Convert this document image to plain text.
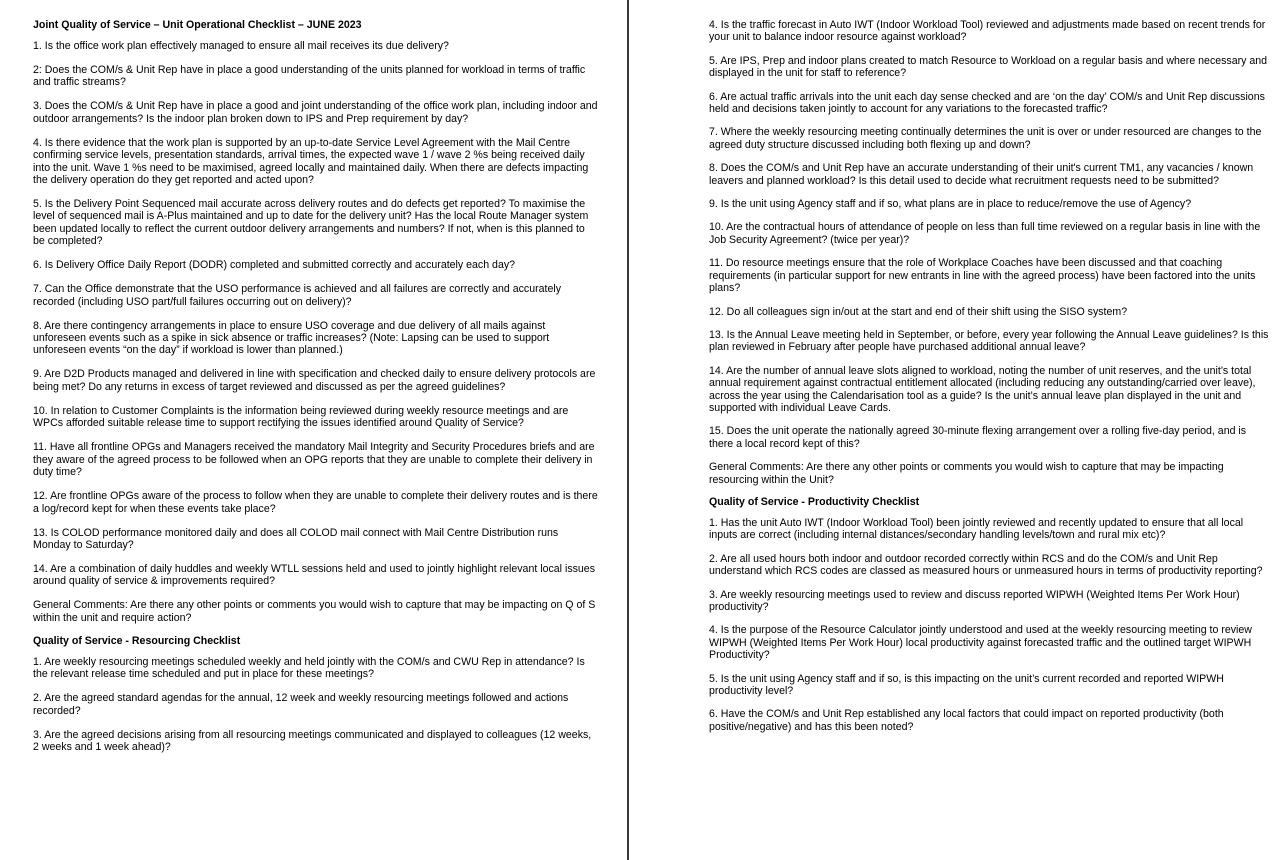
Joint Quality of Service – Unit Operational Checklist – JUNE 2023

1. Is the office work plan effectively managed to ensure all mail receives its due delivery?

2: Does the COM/s & Unit Rep have in place a good understanding of the units planned for workload in terms of traffic and traffic streams?

3. Does the COM/s & Unit Rep have in place a good and joint understanding of the office work plan, including indoor and outdoor arrangements? Is the indoor plan broken down to IPS and Prep requirement by day?

4. Is there evidence that the work plan is supported by an up-to-date Service Level Agreement with the Mail Centre confirming service levels, presentation standards, arrival times, the expected wave 1 / wave 2 %s being received daily into the unit. Wave 1 %s need to be maximised, agreed locally and maintained daily. When there are defects impacting the delivery operation do they get reported and acted upon?

5. Is the Delivery Point Sequenced mail accurate across delivery routes and do defects get reported? To maximise the level of sequenced mail is A-Plus maintained and up to date for the delivery unit? Has the local Route Manager system been updated locally to reflect the current outdoor delivery arrangements and numbers? If not, when is this planned to be completed?

6. Is Delivery Office Daily Report (DODR) completed and submitted correctly and accurately each day?

7. Can the Office demonstrate that the USO performance is achieved and all failures are correctly and accurately recorded (including USO part/full failures occurring out on delivery)?

8. Are there contingency arrangements in place to ensure USO coverage and due delivery of all mails against unforeseen events such as a spike in sick absence or traffic increases? (Note: Lapsing can be used to support unforeseen events “on the day” if workload is lower than planned.)

9. Are D2D Products managed and delivered in line with specification and checked daily to ensure delivery protocols are being met? Do any returns in excess of target reviewed and discussed as per the agreed guidelines?

10. In relation to Customer Complaints is the information being reviewed during weekly resource meetings and are WPCs afforded suitable release time to support rectifying the issues identified around Quality of Service?

11. Have all frontline OPGs and Managers received the mandatory Mail Integrity and Security Procedures briefs and are they aware of the agreed process to be followed when an OPG reports that they are unable to complete their delivery in duty time?

12. Are frontline OPGs aware of the process to follow when they are unable to complete their delivery routes and is there a log/record kept for when these events take place?

13. Is COLOD performance monitored daily and does all COLOD mail connect with Mail Centre Distribution runs Monday to Saturday?

14. Are a combination of daily huddles and weekly WTLL sessions held and used to jointly highlight relevant local issues around quality of service & improvements required?

General Comments: Are there any other points or comments you would wish to capture that may be impacting on Q of S within the unit and require action?

Quality of Service - Resourcing Checklist

1. Are weekly resourcing meetings scheduled weekly and held jointly with the COM/s and CWU Rep in attendance? Is the relevant release time scheduled and put in place for these meetings?

2. Are the agreed standard agendas for the annual, 12 week and weekly resourcing meetings followed and actions recorded?

3. Are the agreed decisions arising from all resourcing meetings communicated and displayed to colleagues (12 weeks, 2 weeks and 1 week ahead)?

4. Is the traffic forecast in Auto IWT (Indoor Workload Tool) reviewed and adjustments made based on recent trends for your unit to balance indoor resource against workload?

5. Are IPS, Prep and indoor plans created to match Resource to Workload on a regular basis and where necessary and displayed in the unit for staff to reference?

6. Are actual traffic arrivals into the unit each day sense checked and are ‘on the day’ COM/s and Unit Rep discussions held and decisions taken jointly to account for any variations to the forecasted traffic?

7. Where the weekly resourcing meeting continually determines the unit is over or under resourced are changes to the agreed duty structure discussed including both flexing up and down?

8. Does the COM/s and Unit Rep have an accurate understanding of their unit's current TM1, any vacancies / known leavers and planned workload? Is this detail used to decide what recruitment requests need to be submitted?

9. Is the unit using Agency staff and if so, what plans are in place to reduce/remove the use of Agency?

10. Are the contractual hours of attendance of people on less than full time reviewed on a regular basis in line with the Job Security Agreement? (twice per year)?

11. Do resource meetings ensure that the role of Workplace Coaches have been discussed and that coaching requirements (in particular support for new entrants in line with the agreed process) have been factored into the units plans?

12. Do all colleagues sign in/out at the start and end of their shift using the SISO system?

13. Is the Annual Leave meeting held in September, or before, every year following the Annual Leave guidelines? Is this plan reviewed in February after people have purchased additional annual leave?

14. Are the number of annual leave slots aligned to workload, noting the number of unit reserves, and the unit’s total annual requirement against contractual entitlement allocated (including reducing any outstanding/carried over leave), across the year using the Calendarisation tool as a guide? Is the unit’s annual leave plan displayed in the unit and supported with individual Leave Cards.

15. Does the unit operate the nationally agreed 30-minute flexing arrangement over a rolling five-day period, and is there a local record kept of this?

General Comments: Are there any other points or comments you would wish to capture that may be impacting resourcing within the Unit?

Quality of Service - Productivity Checklist

1. Has the unit Auto IWT (Indoor Workload Tool) been jointly reviewed and recently updated to ensure that all local inputs are correct (including internal distances/secondary handling levels/town and rural mix etc)?

2. Are all used hours both indoor and outdoor recorded correctly within RCS and do the COM/s and Unit Rep understand which RCS codes are classed as measured hours or unmeasured hours in terms of productivity reporting?

3. Are weekly resourcing meetings used to review and discuss reported WIPWH (Weighted Items Per Work Hour) productivity?

4. Is the purpose of the Resource Calculator jointly understood and used at the weekly resourcing meeting to review WIPWH (Weighted Items Per Work Hour) local productivity against forecasted traffic and the outlined target WIPWH Productivity?

5. Is the unit using Agency staff and if so, is this impacting on the unit’s current recorded and reported WIPWH productivity level?

6. Have the COM/s and Unit Rep established any local factors that could impact on reported productivity (both positive/negative) and has this been noted?
